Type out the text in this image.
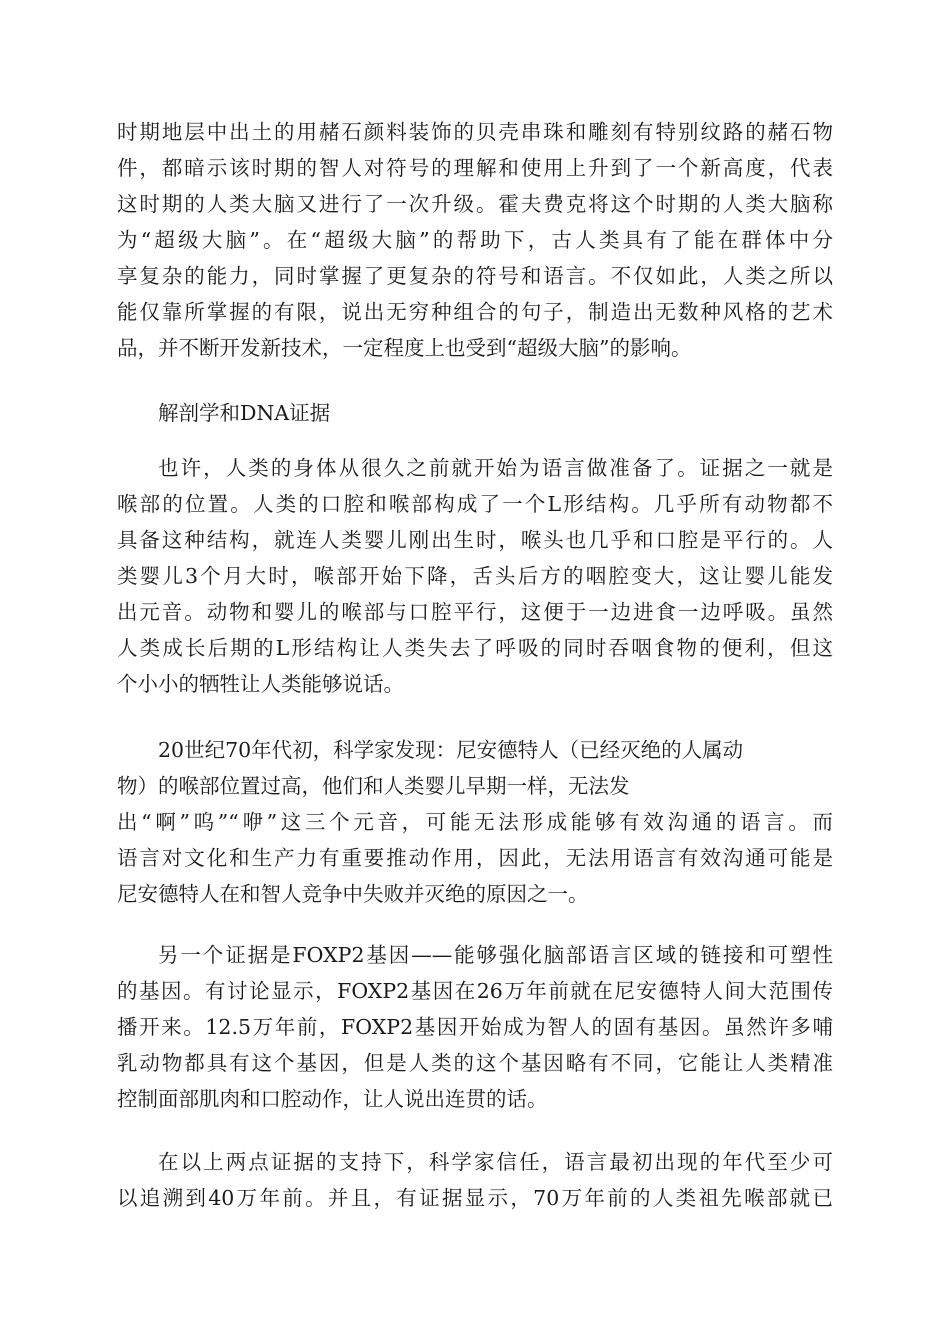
时期地层中出土的用赭石颜料装饰的贝壳串珠和雕刻有特别纹路的赭石物
件，都暗示该时期的智人对符号的理解和使用上升到了一个新高度，代表
这时期的人类大脑又进行了一次升级。霍夫费克将这个时期的人类大脑称
为“超级大脑”。在“超级大脑”的帮助下，古人类具有了能在群体中分
享复杂的能力，同时掌握了更复杂的符号和语言。不仅如此，人类之所以
能仅靠所掌握的有限，说出无穷种组合的句子，制造出无数种风格的艺术
品，并不断开发新技术，一定程度上也受到“超级大脑”的影响。
解剖学和DNA证据
也许，人类的身体从很久之前就开始为语言做准备了。证据之一就是
喉部的位置。人类的口腔和喉部构成了一个L形结构。几乎所有动物都不
具备这种结构，就连人类婴儿刚出生时，喉头也几乎和口腔是平行的。人
类婴儿3个月大时，喉部开始下降，舌头后方的咽腔变大，这让婴儿能发
出元音。动物和婴儿的喉部与口腔平行，这便于一边进食一边呼吸。虽然
人类成长后期的L形结构让人类失去了呼吸的同时吞咽食物的便利，但这
个小小的牺牲让人类能够说话。
20世纪70年代初，科学家发现：尼安德特人（已经灭绝的人属动
物）的喉部位置过高，他们和人类婴儿早期一样，无法发
出“啊”呜”“咿”这三个元音，可能无法形成能够有效沟通的语言。而
语言对文化和生产力有重要推动作用，因此，无法用语言有效沟通可能是
尼安德特人在和智人竞争中失败并灭绝的原因之一。
另一个证据是FOXP2基因——能够强化脑部语言区域的链接和可塑性
的基因。有讨论显示，FOXP2基因在26万年前就在尼安德特人间大范围传
播开来。12.5万年前，FOXP2基因开始成为智人的固有基因。虽然许多哺
乳动物都具有这个基因，但是人类的这个基因略有不同，它能让人类精准
控制面部肌肉和口腔动作，让人说出连贯的话。
在以上两点证据的支持下，科学家信任，语言最初出现的年代至少可
以追溯到40万年前。并且，有证据显示，70万年前的人类祖先喉部就已
